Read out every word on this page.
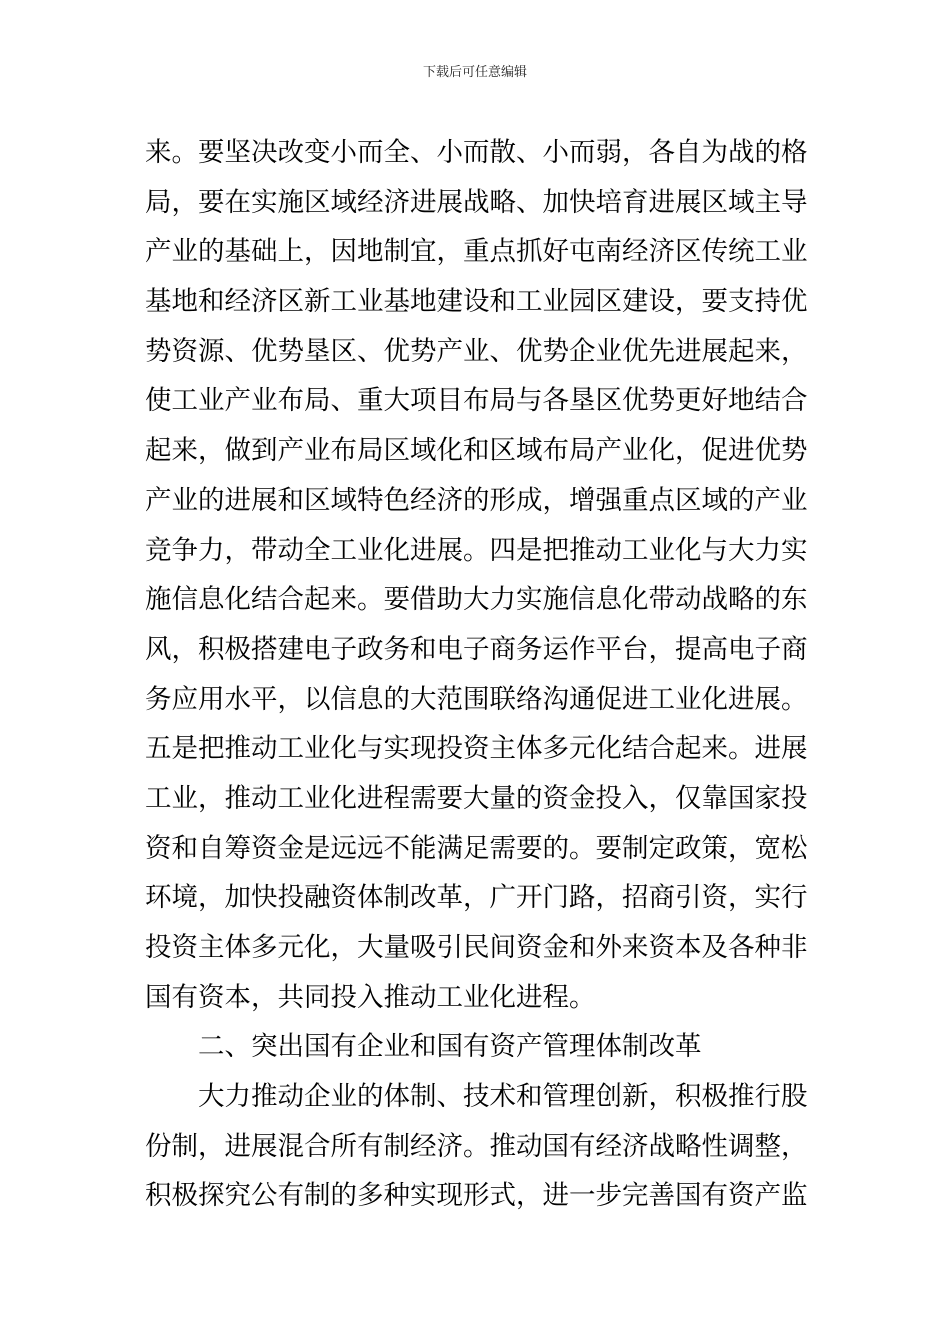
下载后可任意编辑
来。要坚决改变小而全、小而散、小而弱，各自为战的格
局，要在实施区域经济进展战略、加快培育进展区域主导
产业的基础上，因地制宜，重点抓好屯南经济区传统工业
基地和经济区新工业基地建设和工业园区建设，要支持优
势资源、优势垦区、优势产业、优势企业优先进展起来，
使工业产业布局、重大项目布局与各垦区优势更好地结合
起来，做到产业布局区域化和区域布局产业化，促进优势
产业的进展和区域特色经济的形成，增强重点区域的产业
竞争力，带动全工业化进展。四是把推动工业化与大力实
施信息化结合起来。要借助大力实施信息化带动战略的东
风，积极搭建电子政务和电子商务运作平台，提高电子商
务应用水平，以信息的大范围联络沟通促进工业化进展。
五是把推动工业化与实现投资主体多元化结合起来。进展
工业，推动工业化进程需要大量的资金投入，仅靠国家投
资和自筹资金是远远不能满足需要的。要制定政策，宽松
环境，加快投融资体制改革，广开门路，招商引资，实行
投资主体多元化，大量吸引民间资金和外来资本及各种非
国有资本，共同投入推动工业化进程。
二、突出国有企业和国有资产管理体制改革
大力推动企业的体制、技术和管理创新，积极推行股
份制，进展混合所有制经济。推动国有经济战略性调整，
积极探究公有制的多种实现形式，进一步完善国有资产监
